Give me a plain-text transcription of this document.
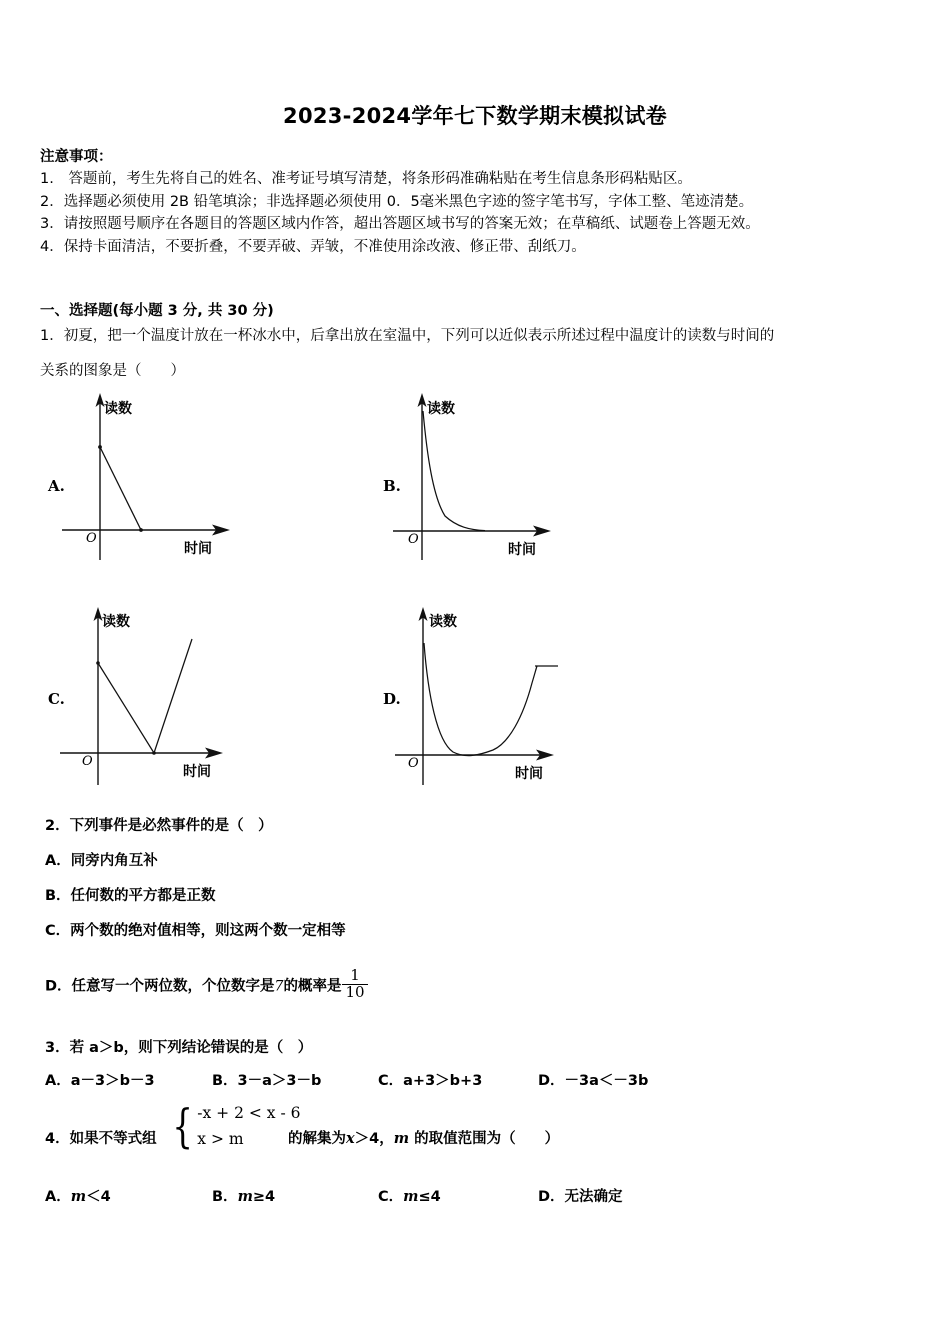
2023-2024学年七下数学期末模拟试卷
注意事项：
1.　答题前，考生先将自己的姓名、准考证号填写清楚，将条形码准确粘贴在考生信息条形码粘贴区。
2．选择题必须使用 2B 铅笔填涂；非选择题必须使用 0．5毫米黑色字迹的签字笔书写，字体工整、笔迹清楚。
3．请按照题号顺序在各题目的答题区域内作答，超出答题区域书写的答案无效；在草稿纸、试题卷上答题无效。
4．保持卡面清洁，不要折叠，不要弄破、弄皱，不准使用涂改液、修正带、刮纸刀。
一、选择题(每小题 3 分, 共 30 分)
1．初夏，把一个温度计放在一杯冰水中，后拿出放在室温中，下列可以近似表示所述过程中温度计的读数与时间的
关系的图象是（　　）
A.
读数
时间
O
B.
读数
时间
O
C.
读数
时间
O
D.
读数
时间
O
2．下列事件是必然事件的是（　）
A．同旁内角互补
B．任何数的平方都是正数
C．两个数的绝对值相等，则这两个数一定相等
D．任意写一个两位数，个位数字是7的概率是 $\frac{1}{10}$
3．若 a＞b，则下列结论错误的是（　）
A．a－3＞b－3	B．3－a＞3－b	C．a+3＞b+3	D．－3a＜－3b
4．如果不等式组 { -x + 2 < x - 6
x > m	的解集为x＞4，m 的取值范围为（　　）
A．m＜4	B．m≥4	C．m≤4	D．无法确定
